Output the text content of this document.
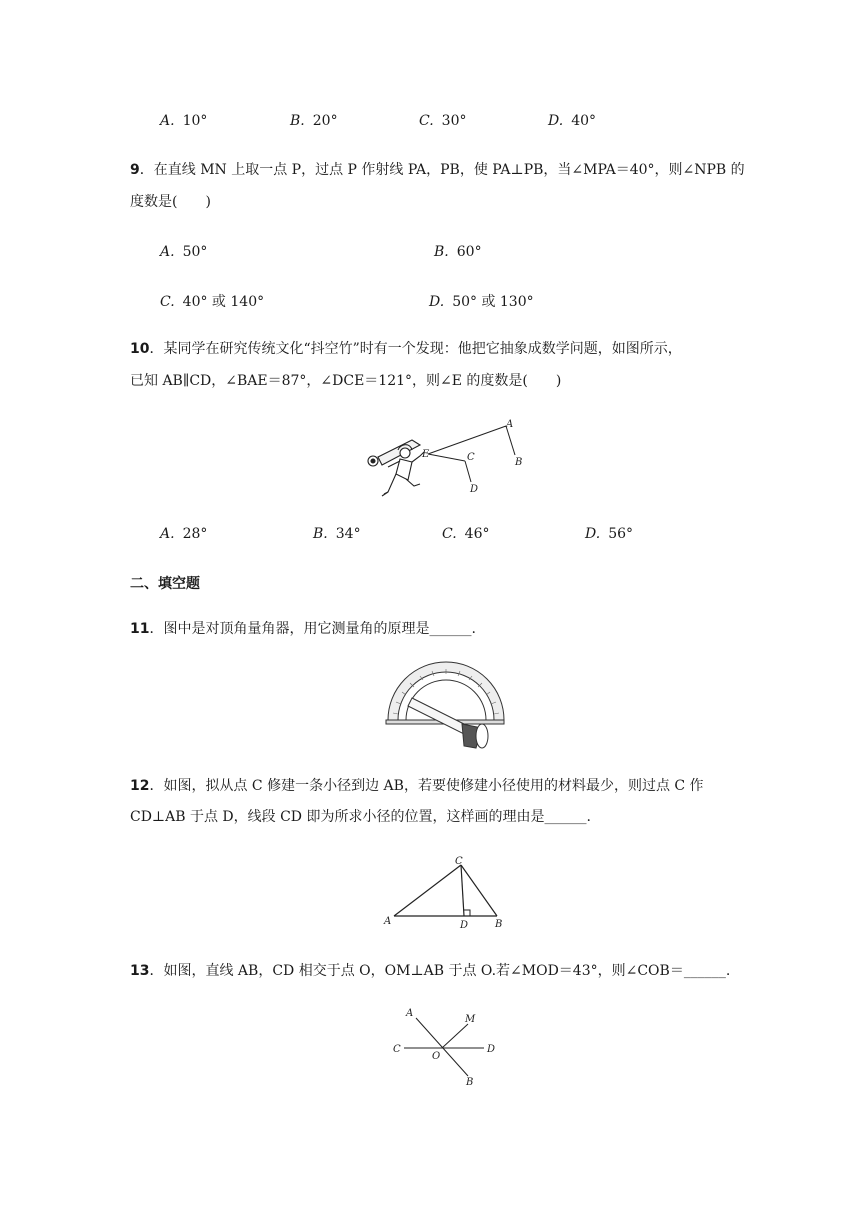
A. 10°	B. 20°	C. 30°	D. 40°
9．在直线 MN 上取一点 P，过点 P 作射线 PA，PB，使 PA⊥PB，当∠MPA＝40°，则∠NPB 的
度数是(　　)
A. 50°	B. 60°
C. 40° 或 140°	D. 50° 或 130°
10．某同学在研究传统文化“抖空竹”时有一个发现：他把它抽象成数学问题，如图所示，
已知 AB∥CD，∠BAE＝87°，∠DCE＝121°，则∠E 的度数是(　　)
E
A
B
C
D
A. 28°	B. 34°	C. 46°	D. 56°
二、填空题
11．图中是对顶角量角器，用它测量角的原理是______.
12．如图，拟从点 C 修建一条小径到边 AB，若要使修建小径使用的材料最少，则过点 C 作
CD⊥AB 于点 D，线段 CD 即为所求小径的位置，这样画的理由是______.
A	B
C
D
13．如图，直线 AB，CD 相交于点 O，OM⊥AB 于点 O.若∠MOD＝43°，则∠COB＝______.
A
B
C	D
M
O
